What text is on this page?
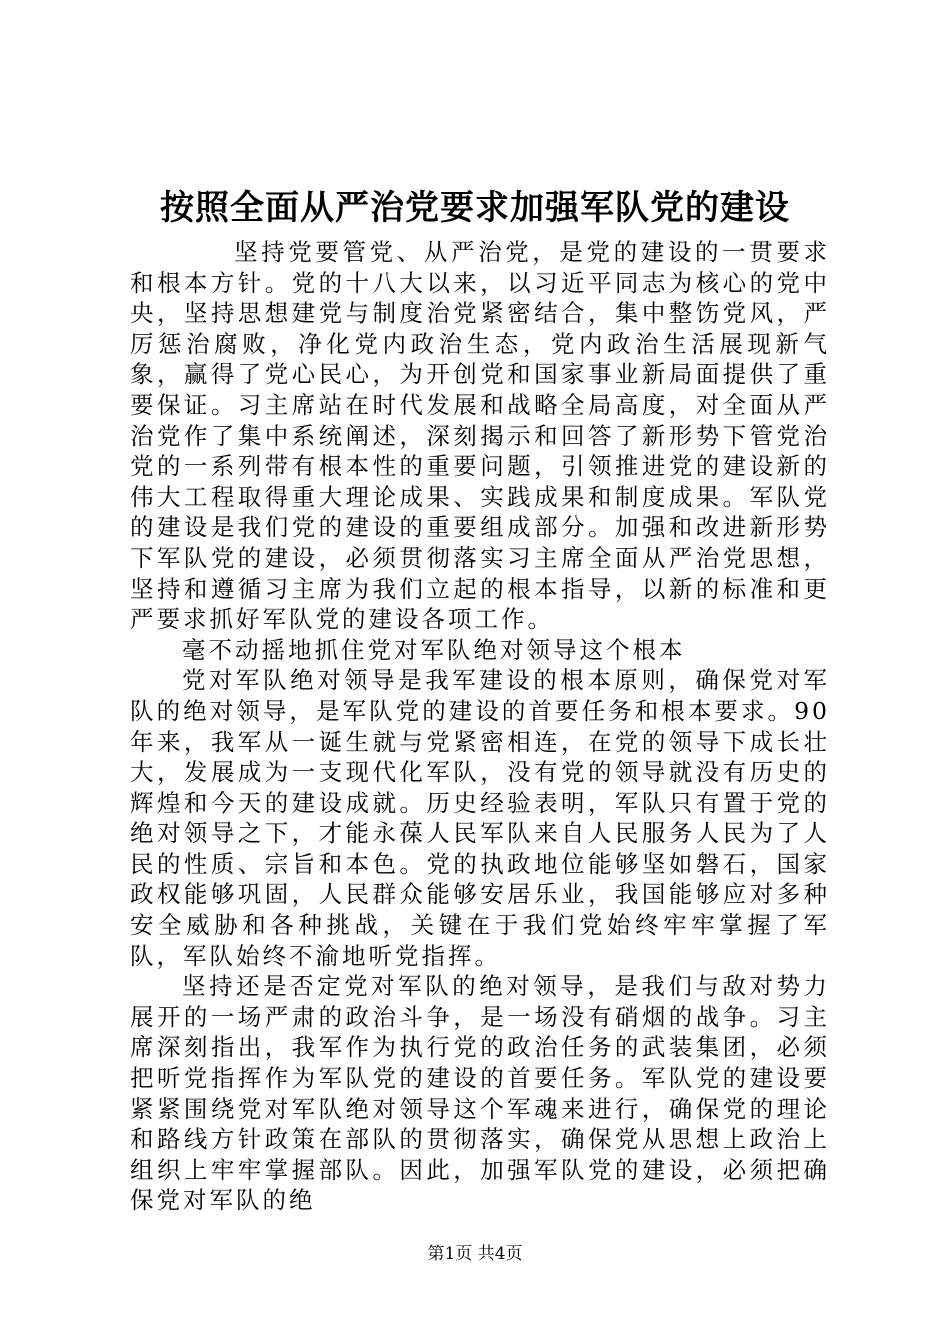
按照全面从严治党要求加强军队党的建设

坚持党要管党、从严治党，是党的建设的一贯要求和根本方针。党的十八大以来，以习近平同志为核心的党中央，坚持思想建党与制度治党紧密结合，集中整饬党风，严厉惩治腐败，净化党内政治生态，党内政治生活展现新气象，赢得了党心民心，为开创党和国家事业新局面提供了重要保证。习主席站在时代发展和战略全局高度，对全面从严治党作了集中系统阐述，深刻揭示和回答了新形势下管党治党的一系列带有根本性的重要问题，引领推进党的建设新的伟大工程取得重大理论成果、实践成果和制度成果。军队党的建设是我们党的建设的重要组成部分。加强和改进新形势下军队党的建设，必须贯彻落实习主席全面从严治党思想，坚持和遵循习主席为我们立起的根本指导，以新的标准和更严要求抓好军队党的建设各项工作。

毫不动摇地抓住党对军队绝对领导这个根本

党对军队绝对领导是我军建设的根本原则，确保党对军队的绝对领导，是军队党的建设的首要任务和根本要求。90年来，我军从一诞生就与党紧密相连，在党的领导下成长壮大，发展成为一支现代化军队，没有党的领导就没有历史的辉煌和今天的建设成就。历史经验表明，军队只有置于党的绝对领导之下，才能永葆人民军队来自人民服务人民为了人民的性质、宗旨和本色。党的执政地位能够坚如磐石，国家政权能够巩固，人民群众能够安居乐业，我国能够应对多种安全威胁和各种挑战，关键在于我们党始终牢牢掌握了军队，军队始终不渝地听党指挥。

坚持还是否定党对军队的绝对领导，是我们与敌对势力展开的一场严肃的政治斗争，是一场没有硝烟的战争。习主席深刻指出，我军作为执行党的政治任务的武装集团，必须把听党指挥作为军队党的建设的首要任务。军队党的建设要紧紧围绕党对军队绝对领导这个军魂来进行，确保党的理论和路线方针政策在部队的贯彻落实，确保党从思想上政治上组织上牢牢掌握部队。因此，加强军队党的建设，必须把确保党对军队的绝

第1页 共4页
